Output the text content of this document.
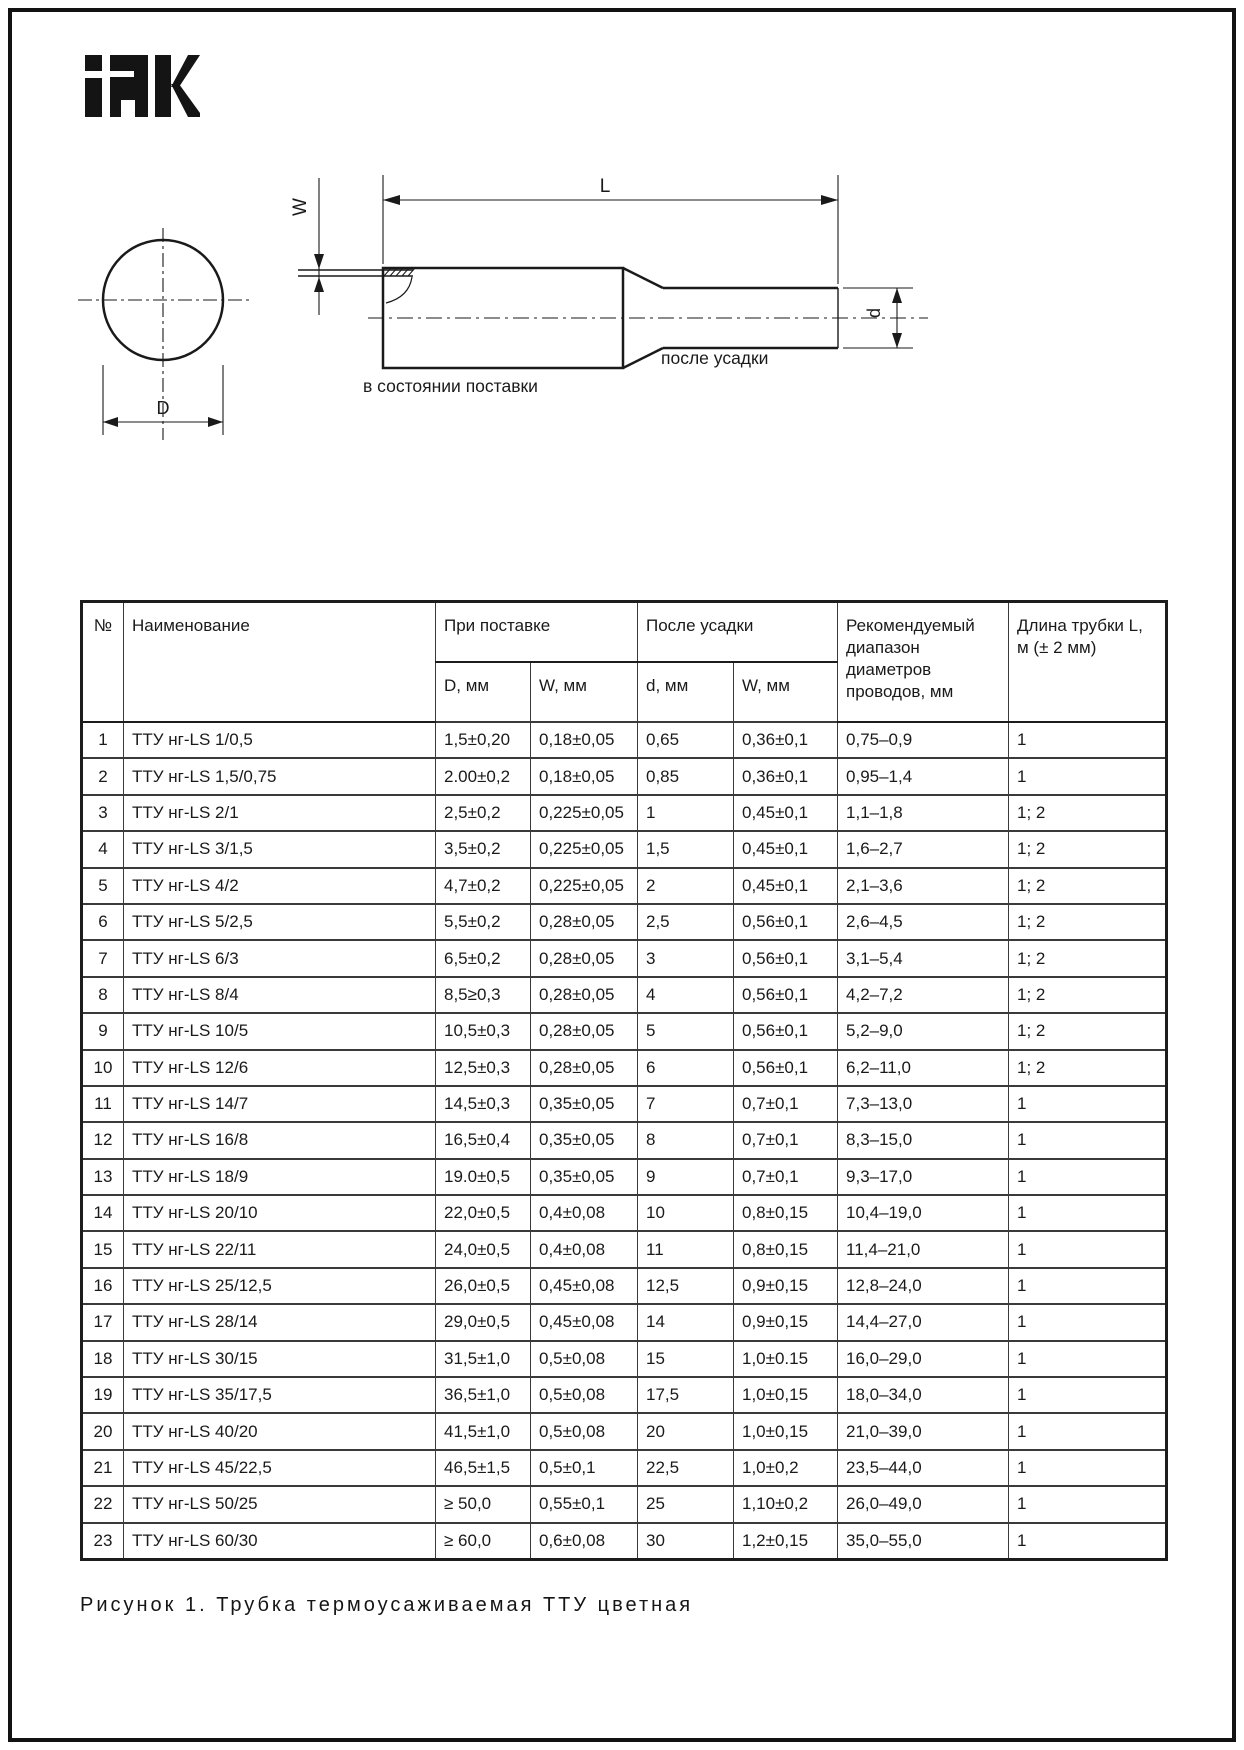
W
L
D
d
в состоянии поставки
после усадки
№	Наименование	При поставке		После усадки		Рекомендуемый диапазон диаметров проводов, мм	Длина трубки L, м (± 2 мм)
		D, мм	W, мм	d, мм	W, мм		
1	ТТУ нг-LS 1/0,5	1,5±0,20	0,18±0,05	0,65	0,36±0,1	0,75–0,9	1
2	ТТУ нг-LS 1,5/0,75	2.00±0,2	0,18±0,05	0,85	0,36±0,1	0,95–1,4	1
3	ТТУ нг-LS 2/1	2,5±0,2	0,225±0,05	1	0,45±0,1	1,1–1,8	1; 2
4	ТТУ нг-LS 3/1,5	3,5±0,2	0,225±0,05	1,5	0,45±0,1	1,6–2,7	1; 2
5	ТТУ нг-LS 4/2	4,7±0,2	0,225±0,05	2	0,45±0,1	2,1–3,6	1; 2
6	ТТУ нг-LS 5/2,5	5,5±0,2	0,28±0,05	2,5	0,56±0,1	2,6–4,5	1; 2
7	ТТУ нг-LS 6/3	6,5±0,2	0,28±0,05	3	0,56±0,1	3,1–5,4	1; 2
8	ТТУ нг-LS 8/4	8,5≥0,3	0,28±0,05	4	0,56±0,1	4,2–7,2	1; 2
9	ТТУ нг-LS 10/5	10,5±0,3	0,28±0,05	5	0,56±0,1	5,2–9,0	1; 2
10	ТТУ нг-LS 12/6	12,5±0,3	0,28±0,05	6	0,56±0,1	6,2–11,0	1; 2
11	ТТУ нг-LS 14/7	14,5±0,3	0,35±0,05	7	0,7±0,1	7,3–13,0	1
12	ТТУ нг-LS 16/8	16,5±0,4	0,35±0,05	8	0,7±0,1	8,3–15,0	1
13	ТТУ нг-LS 18/9	19.0±0,5	0,35±0,05	9	0,7±0,1	9,3–17,0	1
14	ТТУ нг-LS 20/10	22,0±0,5	0,4±0,08	10	0,8±0,15	10,4–19,0	1
15	ТТУ нг-LS 22/11	24,0±0,5	0,4±0,08	11	0,8±0,15	11,4–21,0	1
16	ТТУ нг-LS 25/12,5	26,0±0,5	0,45±0,08	12,5	0,9±0,15	12,8–24,0	1
17	ТТУ нг-LS 28/14	29,0±0,5	0,45±0,08	14	0,9±0,15	14,4–27,0	1
18	ТТУ нг-LS 30/15	31,5±1,0	0,5±0,08	15	1,0±0.15	16,0–29,0	1
19	ТТУ нг-LS 35/17,5	36,5±1,0	0,5±0,08	17,5	1,0±0,15	18,0–34,0	1
20	ТТУ нг-LS 40/20	41,5±1,0	0,5±0,08	20	1,0±0,15	21,0–39,0	1
21	ТТУ нг-LS 45/22,5	46,5±1,5	0,5±0,1	22,5	1,0±0,2	23,5–44,0	1
22	ТТУ нг-LS 50/25	≥ 50,0	0,55±0,1	25	1,10±0,2	26,0–49,0	1
23	ТТУ нг-LS 60/30	≥ 60,0	0,6±0,08	30	1,2±0,15	35,0–55,0	1
Рисунок 1. Трубка термоусаживаемая ТТУ цветная
